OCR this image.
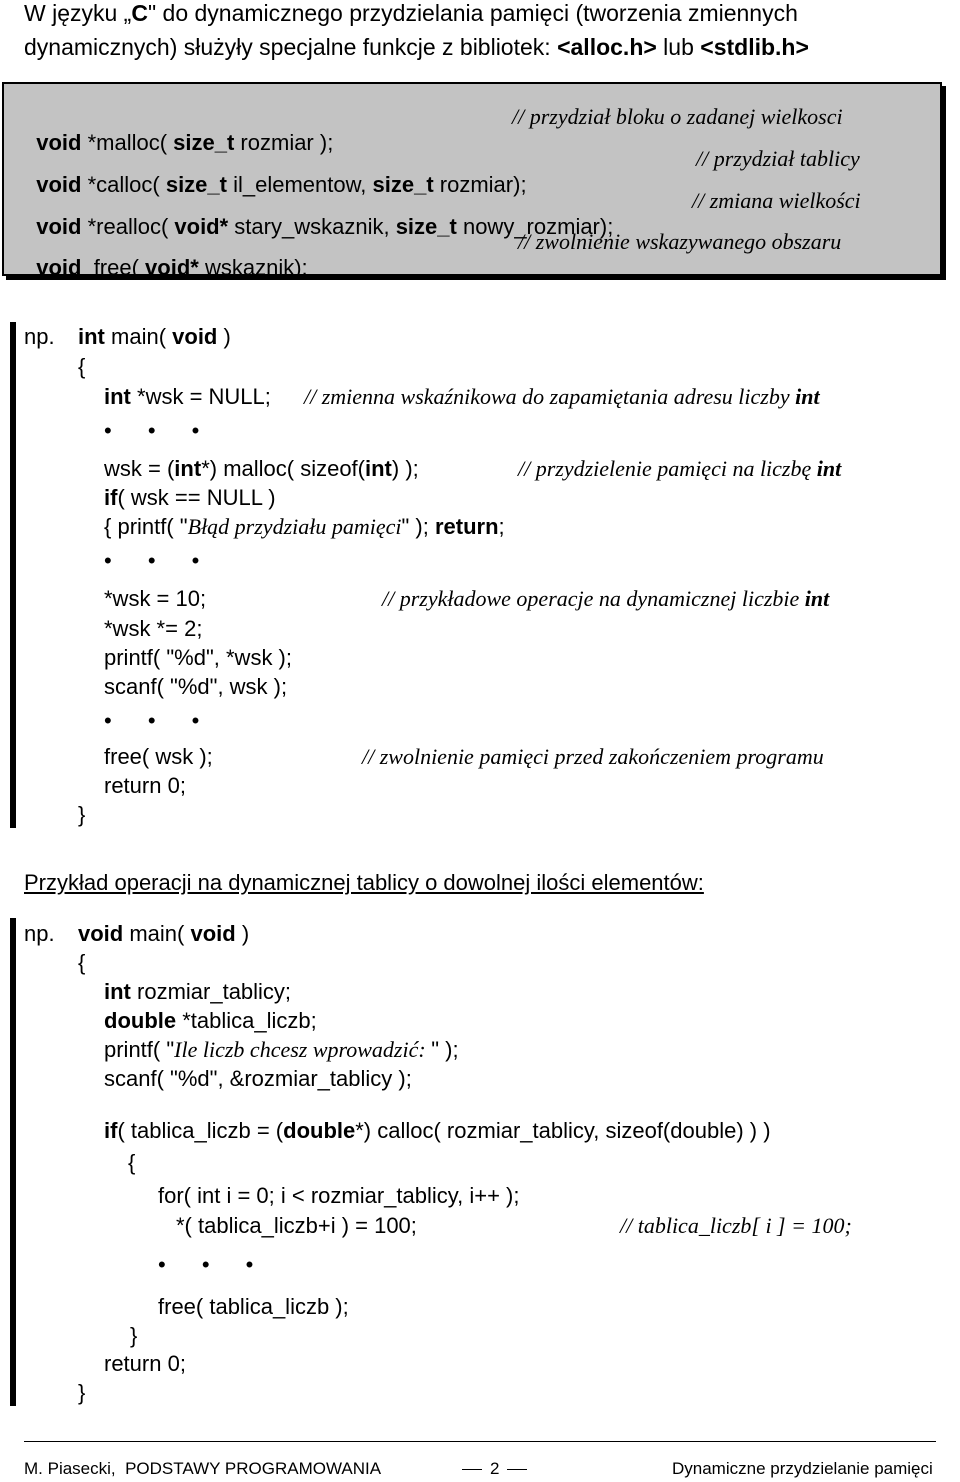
W języku „C" do dynamicznego przydzielania pamięci (tworzenia zmiennych
dynamicznych) służyły specjalne funkcje z bibliotek: <alloc.h> lub <stdlib.h>

void *malloc( size_t rozmiar );
// przydział bloku o zadanej wielkosci

void *calloc( size_t il_elementow, size_t rozmiar);
// przydział tablicy

void *realloc( void* stary_wskaznik, size_t nowy_rozmiar);
// zmiana wielkości

void  free( void* wskaznik);
// zwolnienie wskazywanego obszaru
np. int main( void )
{
int *wsk = NULL; // zmienna wskaźnikowa do zapamiętania adresu liczby int
• • •
wsk = (int*) malloc( sizeof(int) );	// przydzielenie pamięci na liczbę int
if( wsk == NULL )
{ printf( "Błąd przydziału pamięci" ); return;
• • •
*wsk = 10;	// przykładowe operacje na dynamicznej liczbie int
*wsk *= 2;
printf( "%d", *wsk );
scanf( "%d", wsk );
• • •
free( wsk );	// zwolnienie pamięci przed zakończeniem programu
return 0;
}
Przykład operacji na dynamicznej tablicy o dowolnej ilości elementów:
np. void main( void )
{
int rozmiar_tablicy;
double *tablica_liczb;
printf( "Ile liczb chcesz wprowadzić: " );
scanf( "%d", &rozmiar_tablicy );
if( tablica_liczb = (double*) calloc( rozmiar_tablicy, sizeof(double) ) )
{
for( int i = 0; i < rozmiar_tablicy, i++ );
*( tablica_liczb+i ) = 100;	// tablica_liczb[ i ] = 100;
• • •
free( tablica_liczb );
}
return 0;
}
M. Piasecki,  PODSTAWY PROGRAMOWANIA	2	Dynamiczne przydzielanie pamięci
